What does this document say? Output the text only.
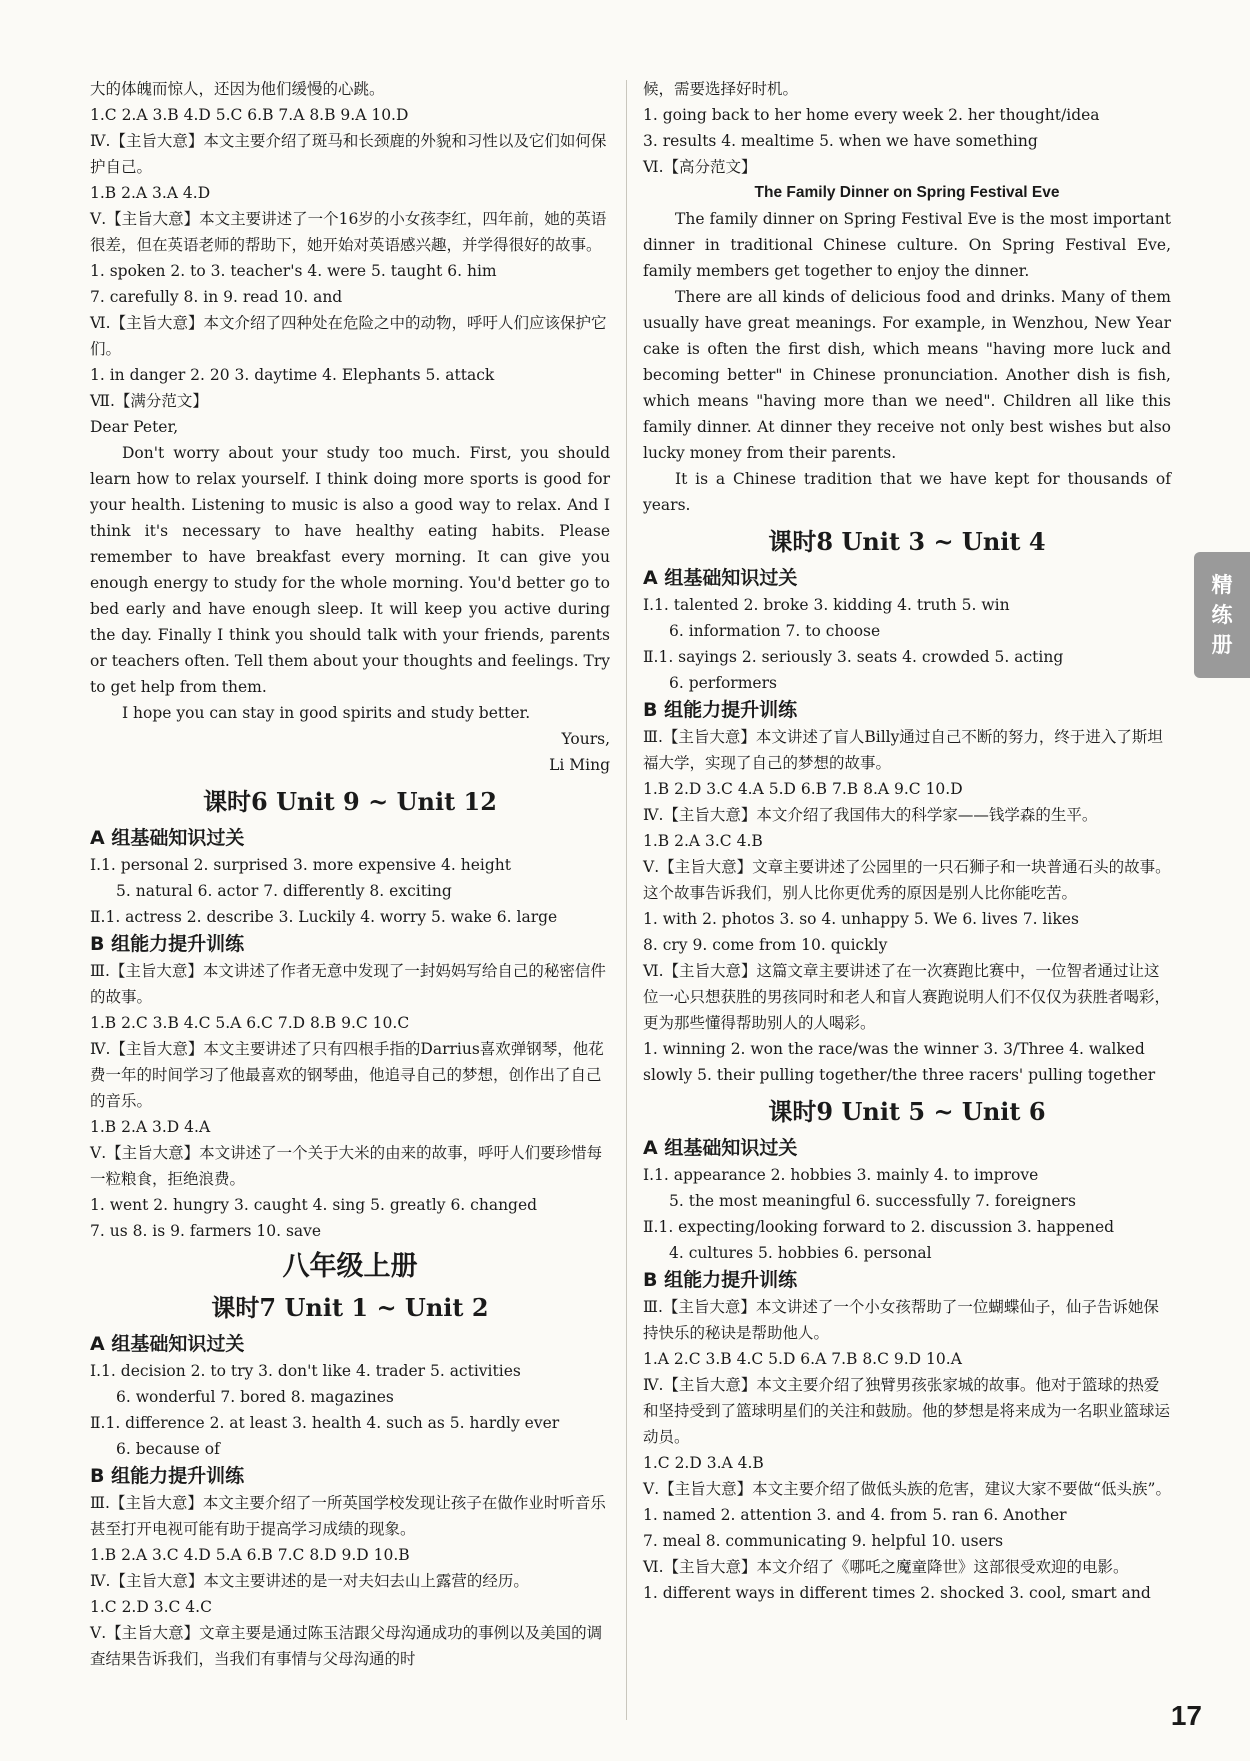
大的体魄而惊人，还因为他们缓慢的心跳。
1.C 2.A 3.B 4.D 5.C 6.B 7.A 8.B 9.A 10.D
Ⅳ.【主旨大意】本文主要介绍了斑马和长颈鹿的外貌和习性以及它们如何保护自己。
1.B 2.A 3.A 4.D
Ⅴ.【主旨大意】本文主要讲述了一个16岁的小女孩李红，四年前，她的英语很差，但在英语老师的帮助下，她开始对英语感兴趣，并学得很好的故事。
1. spoken 2. to 3. teacher's 4. were 5. taught 6. him
7. carefully 8. in 9. read 10. and
Ⅵ.【主旨大意】本文介绍了四种处在危险之中的动物，呼吁人们应该保护它们。
1. in danger 2. 20 3. daytime 4. Elephants 5. attack
Ⅶ.【满分范文】
Dear Peter,
Don't worry about your study too much. First, you should learn how to relax yourself. I think doing more sports is good for your health. Listening to music is also a good way to relax. And I think it's necessary to have healthy eating habits. Please remember to have breakfast every morning. It can give you enough energy to study for the whole morning. You'd better go to bed early and have enough sleep. It will keep you active during the day. Finally I think you should talk with your friends, parents or teachers often. Tell them about your thoughts and feelings. Try to get help from them.
I hope you can stay in good spirits and study better.
Yours,
Li Ming
课时6 Unit 9 ~ Unit 12
A 组基础知识过关
Ⅰ.1. personal 2. surprised 3. more expensive 4. height
5. natural 6. actor 7. differently 8. exciting
Ⅱ.1. actress 2. describe 3. Luckily 4. worry 5. wake 6. large
B 组能力提升训练
Ⅲ.【主旨大意】本文讲述了作者无意中发现了一封妈妈写给自己的秘密信件的故事。
1.B 2.C 3.B 4.C 5.A 6.C 7.D 8.B 9.C 10.C
Ⅳ.【主旨大意】本文主要讲述了只有四根手指的Darrius喜欢弹钢琴，他花费一年的时间学习了他最喜欢的钢琴曲，他追寻自己的梦想，创作出了自己的音乐。
1.B 2.A 3.D 4.A
Ⅴ.【主旨大意】本文讲述了一个关于大米的由来的故事，呼吁人们要珍惜每一粒粮食，拒绝浪费。
1. went 2. hungry 3. caught 4. sing 5. greatly 6. changed
7. us 8. is 9. farmers 10. save
八年级上册
课时7 Unit 1 ~ Unit 2
A 组基础知识过关
Ⅰ.1. decision 2. to try 3. don't like 4. trader 5. activities
6. wonderful 7. bored 8. magazines
Ⅱ.1. difference 2. at least 3. health 4. such as 5. hardly ever
6. because of
B 组能力提升训练
Ⅲ.【主旨大意】本文主要介绍了一所英国学校发现让孩子在做作业时听音乐甚至打开电视可能有助于提高学习成绩的现象。
1.B 2.A 3.C 4.D 5.A 6.B 7.C 8.D 9.D 10.B
Ⅳ.【主旨大意】本文主要讲述的是一对夫妇去山上露营的经历。
1.C 2.D 3.C 4.C
Ⅴ.【主旨大意】文章主要是通过陈玉洁跟父母沟通成功的事例以及美国的调查结果告诉我们，当我们有事情与父母沟通的时
候，需要选择好时机。
1. going back to her home every week 2. her thought/idea
3. results 4. mealtime 5. when we have something
Ⅵ.【高分范文】
The Family Dinner on Spring Festival Eve
The family dinner on Spring Festival Eve is the most important dinner in traditional Chinese culture. On Spring Festival Eve, family members get together to enjoy the dinner.
There are all kinds of delicious food and drinks. Many of them usually have great meanings. For example, in Wenzhou, New Year cake is often the first dish, which means "having more luck and becoming better" in Chinese pronunciation. Another dish is fish, which means "having more than we need". Children all like this family dinner. At dinner they receive not only best wishes but also lucky money from their parents.
It is a Chinese tradition that we have kept for thousands of years.
课时8 Unit 3 ~ Unit 4
A 组基础知识过关
Ⅰ.1. talented 2. broke 3. kidding 4. truth 5. win
6. information 7. to choose
Ⅱ.1. sayings 2. seriously 3. seats 4. crowded 5. acting
6. performers
B 组能力提升训练
Ⅲ.【主旨大意】本文讲述了盲人Billy通过自己不断的努力，终于进入了斯坦福大学，实现了自己的梦想的故事。
1.B 2.D 3.C 4.A 5.D 6.B 7.B 8.A 9.C 10.D
Ⅳ.【主旨大意】本文介绍了我国伟大的科学家——钱学森的生平。
1.B 2.A 3.C 4.B
Ⅴ.【主旨大意】文章主要讲述了公园里的一只石狮子和一块普通石头的故事。这个故事告诉我们，别人比你更优秀的原因是别人比你能吃苦。
1. with 2. photos 3. so 4. unhappy 5. We 6. lives 7. likes
8. cry 9. come from 10. quickly
Ⅵ.【主旨大意】这篇文章主要讲述了在一次赛跑比赛中，一位智者通过让这位一心只想获胜的男孩同时和老人和盲人赛跑说明人们不仅仅为获胜者喝彩，更为那些懂得帮助别人的人喝彩。
1. winning 2. won the race/was the winner 3. 3/Three 4. walked
slowly 5. their pulling together/the three racers' pulling together
课时9 Unit 5 ~ Unit 6
A 组基础知识过关
Ⅰ.1. appearance 2. hobbies 3. mainly 4. to improve
5. the most meaningful 6. successfully 7. foreigners
Ⅱ.1. expecting/looking forward to 2. discussion 3. happened
4. cultures 5. hobbies 6. personal
B 组能力提升训练
Ⅲ.【主旨大意】本文讲述了一个小女孩帮助了一位蝴蝶仙子，仙子告诉她保持快乐的秘诀是帮助他人。
1.A 2.C 3.B 4.C 5.D 6.A 7.B 8.C 9.D 10.A
Ⅳ.【主旨大意】本文主要介绍了独臂男孩张家城的故事。他对于篮球的热爱和坚持受到了篮球明星们的关注和鼓励。他的梦想是将来成为一名职业篮球运动员。
1.C 2.D 3.A 4.B
Ⅴ.【主旨大意】本文主要介绍了做低头族的危害，建议大家不要做“低头族”。
1. named 2. attention 3. and 4. from 5. ran 6. Another
7. meal 8. communicating 9. helpful 10. users
Ⅵ.【主旨大意】本文介绍了《哪吒之魔童降世》这部很受欢迎的电影。
1. different ways in different times 2. shocked 3. cool, smart and
精
练
册
17
